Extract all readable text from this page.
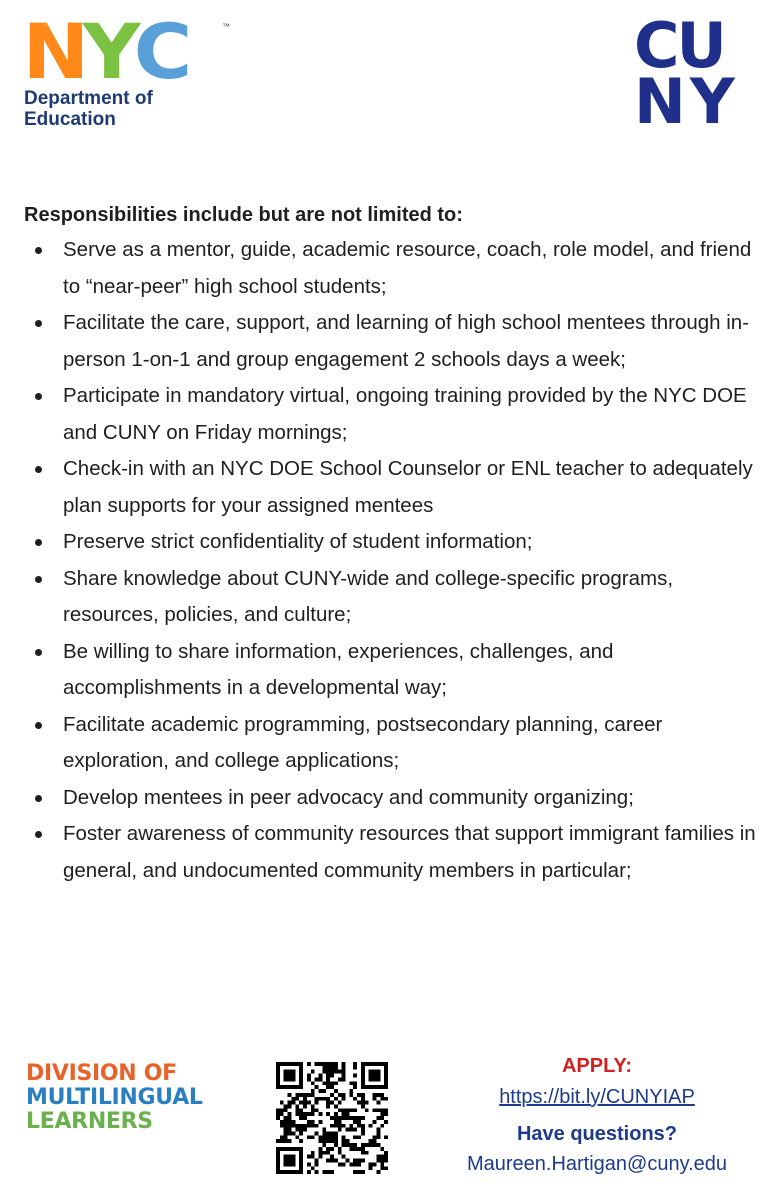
N
Y
C	™
Department of
Education
CU
NY
Responsibilities include but are not limited to:
Serve as a mentor, guide, academic resource, coach, role model, and friend to “near-peer” high school students;
Facilitate the care, support, and learning of high school mentees through in-person 1-on-1 and group engagement 2 schools days a week;
Participate in mandatory virtual, ongoing training provided by the NYC DOE and CUNY on Friday mornings;
Check-in with an NYC DOE School Counselor or ENL teacher to adequately plan supports for your assigned mentees
Preserve strict confidentiality of student information;
Share knowledge about CUNY-wide and college-specific programs, resources, policies, and culture;
Be willing to share information, experiences, challenges, and accomplishments in a developmental way;
Facilitate academic programming, postsecondary planning, career exploration, and college applications;
Develop mentees in peer advocacy and community organizing;
Foster awareness of community resources that support immigrant families in general, and undocumented community members in particular;
DIVISION OF
MULTILINGUAL
LEARNERS
APPLY:
https://bit.ly/CUNYIAP
Have questions?
Maureen.Hartigan@cuny.edu
